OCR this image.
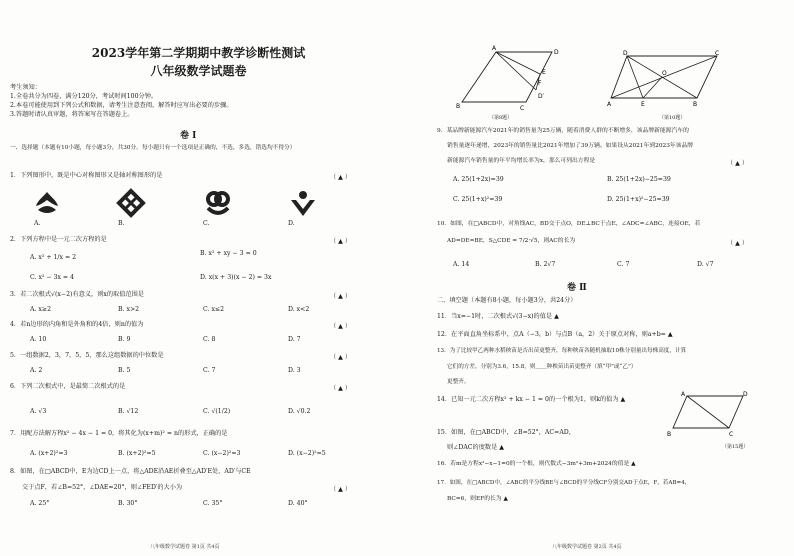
2023学年第二学期期中教学诊断性测试
八年级数学试题卷
考生须知：
1.全卷共分为四卷，满分120分，考试时间100分钟。
2.本卷可能使用到下列公式和数据，请考生注意查阅，解答时应写出必要的步骤。
3.答题时请认真审题，将答案写在答题卷上。
卷 Ⅰ
一、选择题（本题有10小题，每小题3分，共30分。每小题只有一个选项是正确的，不选，多选，错选均不得分）
1．下列图形中，既是中心对称图形又是轴对称图形的是	（ ▲ ）
A.	B.	C.	D.
2．下列方程中是一元二次方程的是	（ ▲ ）
A. x² + 1/x = 2
B. x² + xy − 3 = 0
C. x² − 3x = 4	D. x(x + 3)(x − 2) = 3x
3．若二次根式√(x−2)有意义，则x的取值范围是	（ ▲ ）
A. x≥2	B. x>2	C. x≤2	D. x<2
4．若n边形的内角和是外角和的4倍，则n的值为	（ ▲ ）
A. 10	B. 9	C. 8	D. 7
5．一组数据2，3，7，5，5，那么这组数据的中位数是	（ ▲ ）
A. 2	B. 5	C. 7	D. 3
6．下列二次根式中，是最简二次根式的是	（ ▲ ）
A. √3	B. √12	C. √(1/2)	D. √0.2
7．用配方法解方程x² − 4x − 1 = 0，将其化为(x+m)² = n的形式，正确的是
A. (x+2)²=3	B. (x+2)²=5	C. (x−2)²=3	D. (x−2)²=5
8．如图，在□ABCD中，E为边CD上一点，将△ADE沿AE折叠至△AD′E处，AD′与CE
交于点F，若∠B=52°，∠DAE=20°，则∠FED′的大小为	（ ▲ ）
A. 25°	B. 30°	C. 35°	D. 40°
八年级数学试题卷 第1页 共4页
A
D
B	C
E
F
D′
（第8题）
D	C
A	B
O
E
（第10题）
9．某品牌新能源汽车2021年的销售量为25万辆，随着消费人群的不断增多，该品牌新能源汽车的
销售量逐年递增，2023年的销售量比2021年增加了39万辆。如果设从2021年到2023年该品牌
新能源汽车销售量的年平均增长率为x，那么可列出方程是	（ ▲ ）
A. 25(1+2x)=39	B. 25(1+2x)−25=39
C. 25(1+x)²=39	D. 25(1+x)²−25=39
10．如图，在□ABCD中，对角线AC，BD交于点O，DE⊥BC于点E，∠ADC=∠ABC，连接OE，若
AD=DE=BE，S△CDE = 7/2·√5，则AC的长为	（ ▲ ）
A. 14	B. 2√7	C. 7	D. √7
卷 Ⅱ
二、填空题（本题有8小题，每小题3分，共24分）
11．当x=−1时，二次根式√(3−x)的值是 ▲
12．在平面直角坐标系中，点A（−3，b）与点B（a，2）关于原点对称，则a+b= ▲
13．为了比较甲乙两种水稻秧苗是否出苗更整齐，每种秧苗各随机抽取10株分别量出每株高度，计算
它们的方差，分别为3.6，15.8，则＿＿种秧苗出苗更整齐（填“甲”或“乙”）
更整齐。
14．已知一元二次方程x² + kx − 1 = 0的一个根为1，则k的值为 ▲
15．如图，在□ABCD中，∠B=52°，AC=AD，
则∠DAC的度数是 ▲
A	D
B	C
（第15题）
16．若m是方程x²−x−1=0的一个根，则代数式−3m²+3m+2024的值是 ▲
17．如图，在□ABCD中，∠ABC的平分线BE与∠BCD的平分线CF分别交AD于点E，F，若AB=4，
BC=6，则EF的长为 ▲
八年级数学试题卷 第2页 共4页
